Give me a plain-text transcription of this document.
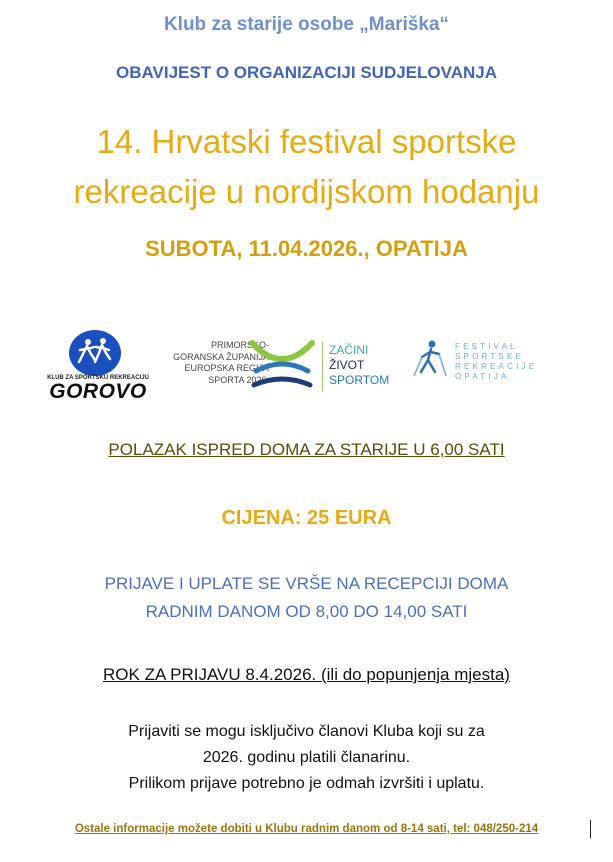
Klub za starije osobe „Mariška“
OBAVIJEST O ORGANIZACIJI SUDJELOVANJA
14. Hrvatski festival sportske
rekreacije u nordijskom hodanju
SUBOTA, 11.04.2026., OPATIJA
KLUB ZA SPORTSKU REKREACIJU
GOROVO
PRIMORSKO-
GORANSKA ŽUPANIJA
EUROPSKA REGIJA
SPORTA 2026.
ZAČINI
ŽIVOT
SPORTOM
FESTIVAL
SPORTSKE
REKREACIJE
OPATIJA
POLAZAK ISPRED DOMA ZA STARIJE U 6,00 SATI
CIJENA: 25 EURA
PRIJAVE I UPLATE SE VRŠE NA RECEPCIJI DOMA
RADNIM DANOM OD 8,00 DO 14,00 SATI
ROK ZA PRIJAVU 8.4.2026. (ili do popunjenja mjesta)
Prijaviti se mogu isključivo članovi Kluba koji su za
2026. godinu platili članarinu.
Prilikom prijave potrebno je odmah izvršiti i uplatu.
Ostale informacije možete dobiti u Klubu radnim danom od 8-14 sati, tel: 048/250-214
